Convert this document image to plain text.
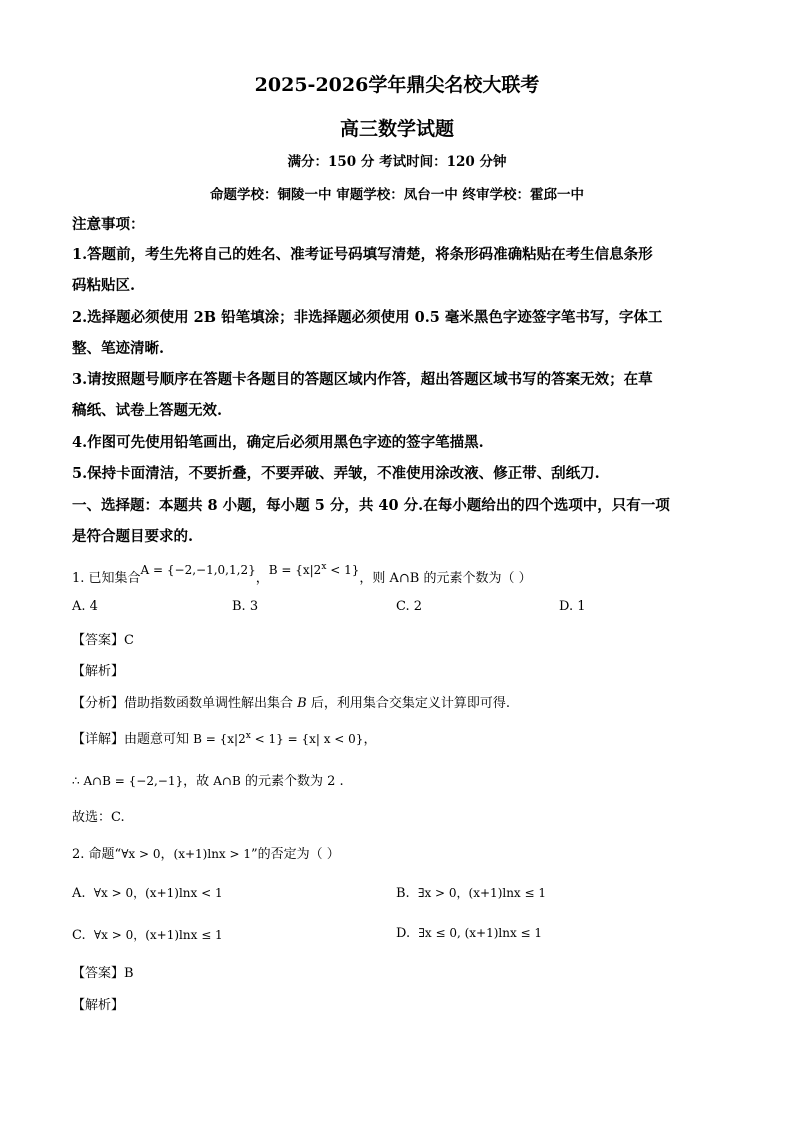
2025-2026学年鼎尖名校大联考
高三数学试题
满分：150 分 考试时间：120 分钟
命题学校：铜陵一中 审题学校：凤台一中 终审学校：霍邱一中
注意事项：
1.答题前，考生先将自己的姓名、准考证号码填写清楚，将条形码准确粘贴在考生信息条形
码粘贴区.
2.选择题必须使用 2B 铅笔填涂；非选择题必须使用 0.5 毫米黑色字迹签字笔书写，字体工
整、笔迹清晰.
3.请按照题号顺序在答题卡各题目的答题区域内作答，超出答题区域书写的答案无效；在草
稿纸、试卷上答题无效.
4.作图可先使用铅笔画出，确定后必须用黑色字迹的签字笔描黑.
5.保持卡面清洁，不要折叠，不要弄破、弄皱，不准使用涂改液、修正带、刮纸刀.
一、选择题：本题共 8 小题，每小题 5 分，共 40 分.在每小题给出的四个选项中，只有一项
是符合题目要求的.
1. 已知集合A = {−2,−1,0,1,2}，$B = \{x|2^x < 1\}$，则 A∩B 的元素个数为（ ）
A. 4	B. 3	C. 2	D. 1
【答案】C
【解析】
【分析】借助指数函数单调性解出集合 B 后，利用集合交集定义计算即可得.
【详解】由题意可知 $B = \{x|2^x < 1\} = \{x|$ x < 0}，
∴ A∩B = {−2,−1}，故 A∩B 的元素个数为 2 .
故选：C.
2. 命题“∀x > 0，(x+1)lnx > 1”的否定为（ ）
A. ∀x > 0，(x+1)lnx < 1	B. ∃x > 0，(x+1)lnx ≤ 1
C. ∀x > 0，(x+1)lnx ≤ 1	D. ∃x ≤ 0, (x+1)lnx ≤ 1
【答案】B
【解析】
